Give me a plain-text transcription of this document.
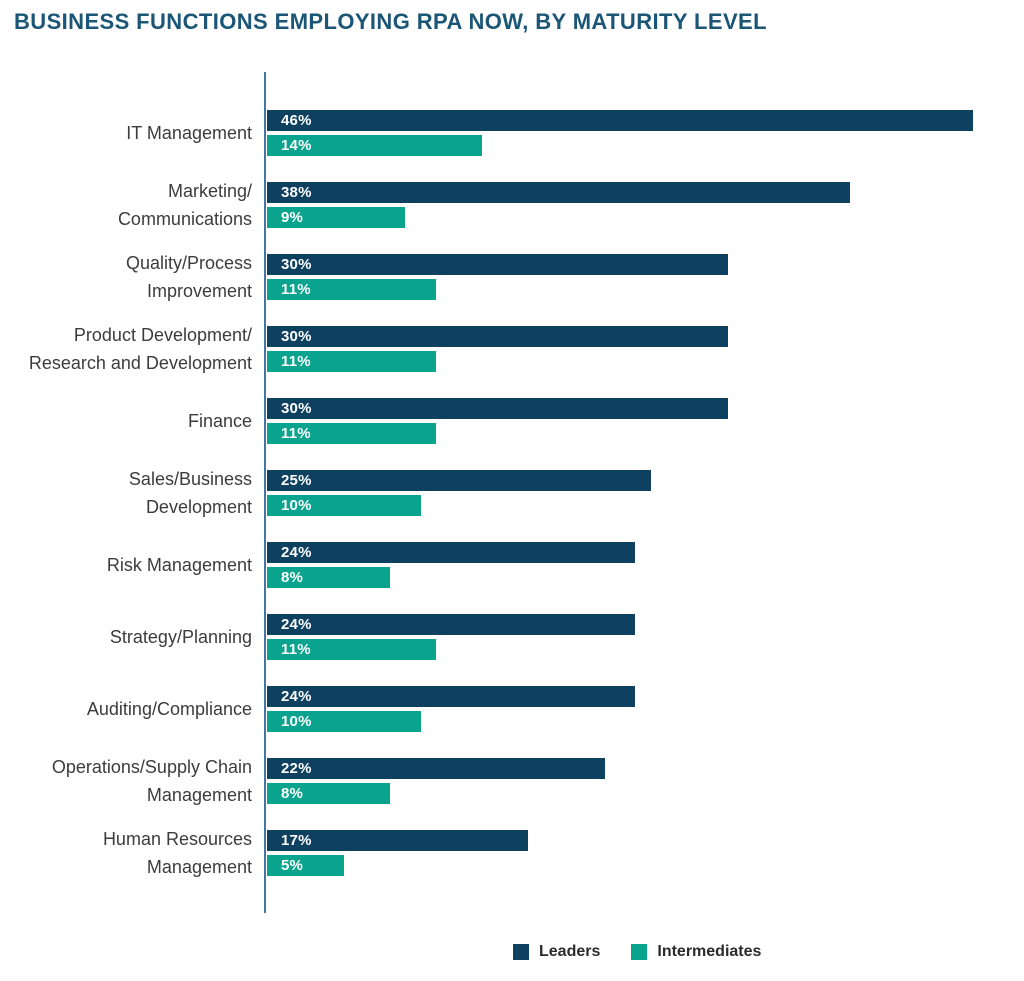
BUSINESS FUNCTIONS EMPLOYING RPA NOW, BY MATURITY LEVEL
IT Management
46%
14%
Marketing/
Communications
38%
9%
Quality/Process
Improvement
30%
11%
Product Development/
Research and Development
30%
11%
Finance
30%
11%
Sales/Business
Development
25%
10%
Risk Management
24%
8%
Strategy/Planning
24%
11%
Auditing/Compliance
24%
10%
Operations/Supply Chain
Management
22%
8%
Human Resources
Management
17%
5%
Leaders	Intermediates
